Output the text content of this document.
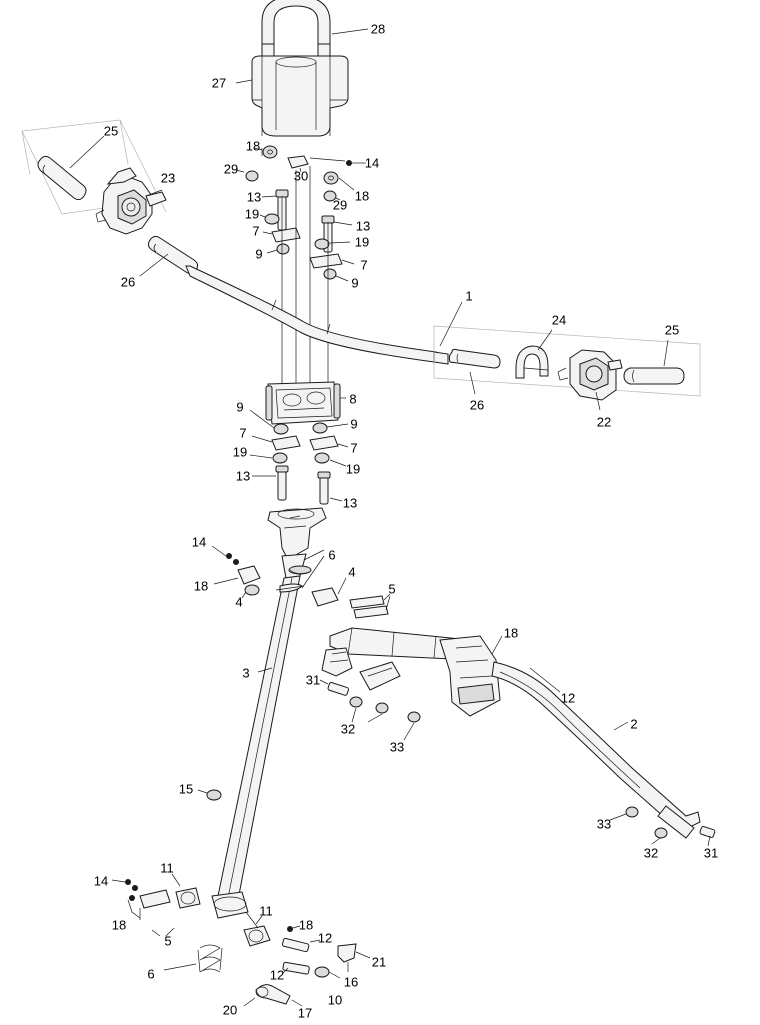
28
27
25
18
14
29	30
23
18
13
29
19
7	13
26
19
9
7
9
1
24
25
26
22
8
9
9
7
7
19
19
13
13
14
6
18
4
4
5
18
12
3	31
32
33
2
15
33
32	31
11
14
18
11
18
5	12
21
6	12	16
10
20	17
